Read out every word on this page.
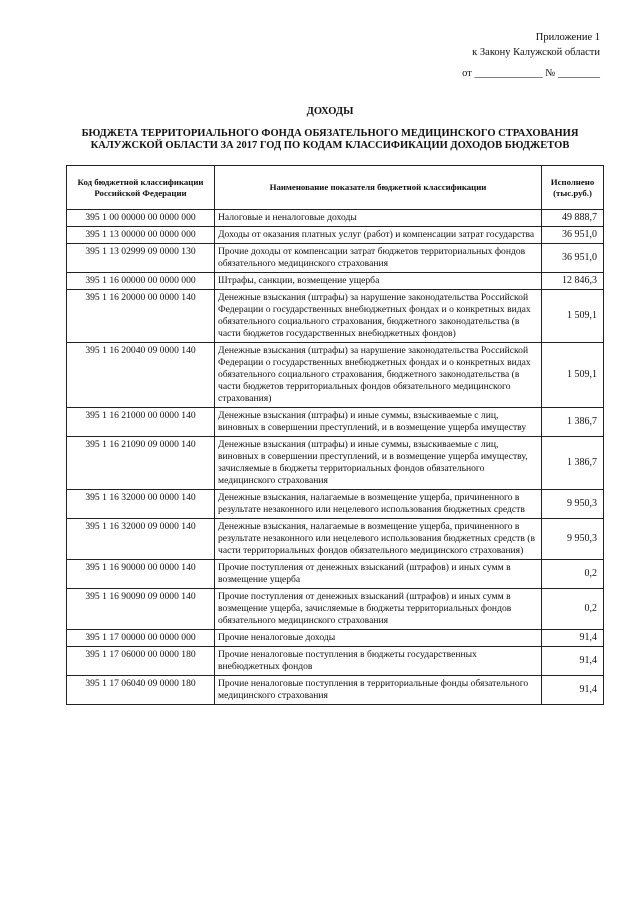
Приложение 1
к Закону Калужской области
от _____________ № ________
ДОХОДЫ
БЮДЖЕТА ТЕРРИТОРИАЛЬНОГО ФОНДА ОБЯЗАТЕЛЬНОГО МЕДИЦИНСКОГО СТРАХОВАНИЯ
КАЛУЖСКОЙ ОБЛАСТИ ЗА 2017 ГОД ПО КОДАМ КЛАССИФИКАЦИИ ДОХОДОВ БЮДЖЕТОВ
Код бюджетной классификации Российской Федерации	Наименование показателя бюджетной классификации	Исполнено (тыс.руб.)
395 1 00 00000 00 0000 000	Налоговые и неналоговые доходы	49 888,7
395 1 13 00000 00 0000 000	Доходы от оказания платных услуг (работ) и компенсации затрат государства	36 951,0
395 1 13 02999 09 0000 130	Прочие доходы от компенсации затрат бюджетов территориальных фондов обязательного медицинского страхования	36 951,0
395 1 16 00000 00 0000 000	Штрафы, санкции, возмещение ущерба	12 846,3
395 1 16 20000 00 0000 140	Денежные взыскания (штрафы) за нарушение законодательства Российской Федерации о государственных внебюджетных фондах и о конкретных видах обязательного социального страхования, бюджетного законодательства (в части бюджетов государственных внебюджетных фондов)	1 509,1
395 1 16 20040 09 0000 140	Денежные взыскания (штрафы) за нарушение законодательства Российской Федерации о государственных внебюджетных фондах и о конкретных видах обязательного социального страхования, бюджетного законодательства (в части бюджетов территориальных фондов обязательного медицинского страхования)	1 509,1
395 1 16 21000 00 0000 140	Денежные взыскания (штрафы) и иные суммы, взыскиваемые с лиц, виновных в совершении преступлений, и в возмещение ущерба имуществу	1 386,7
395 1 16 21090 09 0000 140	Денежные взыскания (штрафы) и иные суммы, взыскиваемые с лиц, виновных в совершении преступлений, и в возмещение ущерба имуществу, зачисляемые в бюджеты территориальных фондов обязательного медицинского страхования	1 386,7
395 1 16 32000 00 0000 140	Денежные взыскания, налагаемые в возмещение ущерба, причиненного в результате незаконного или нецелевого использования бюджетных средств	9 950,3
395 1 16 32000 09 0000 140	Денежные взыскания, налагаемые в возмещение ущерба, причиненного в результате незаконного или нецелевого использования бюджетных средств (в части территориальных фондов обязательного медицинского страхования)	9 950,3
395 1 16 90000 00 0000 140	Прочие поступления от денежных взысканий (штрафов) и иных сумм в возмещение ущерба	0,2
395 1 16 90090 09 0000 140	Прочие поступления от денежных взысканий (штрафов) и иных сумм в возмещение ущерба, зачисляемые в бюджеты территориальных фондов обязательного медицинского страхования	0,2
395 1 17 00000 00 0000 000	Прочие неналоговые доходы	91,4
395 1 17 06000 00 0000 180	Прочие неналоговые поступления в бюджеты государственных внебюджетных фондов	91,4
395 1 17 06040 09 0000 180	Прочие неналоговые поступления в территориальные фонды обязательного медицинского страхования	91,4
